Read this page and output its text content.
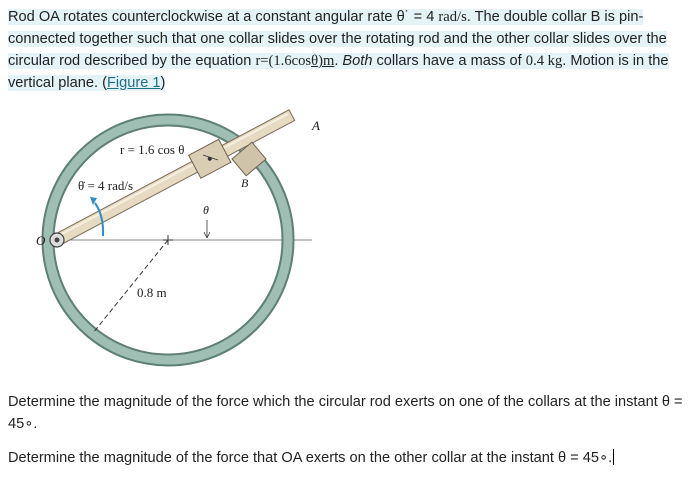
Rod OA rotates counterclockwise at a constant angular rate θ˙ = 4 rad/s. The double collar B is pin-connected together such that one collar slides over the rotating rod and the other collar slides over the circular rod described by the equation r=(1.6cosθ)m. Both collars have a mass of 0.4 kg. Motion is in the vertical plane. (Figure 1)
r = 1.6 cos θ
θ̇ = 4 rad/s
A
B
θ
O
0.8 m
Determine the magnitude of the force which the circular rod exerts on one of the collars at the instant θ = 45∘.
Determine the magnitude of the force that OA exerts on the other collar at the instant θ = 45∘.
